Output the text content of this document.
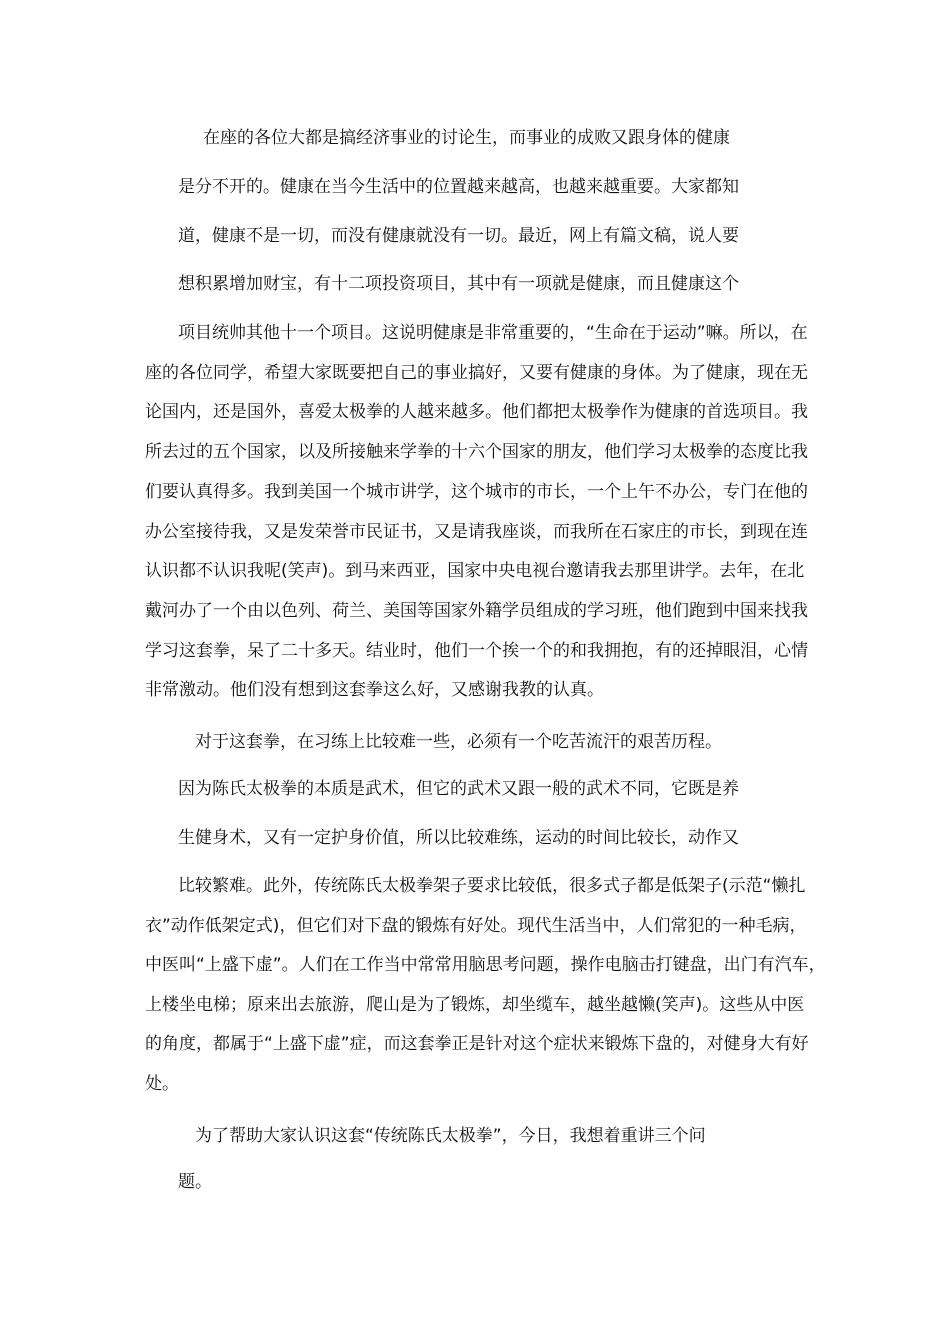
在座的各位大都是搞经济事业的讨论生，而事业的成败又跟身体的健康
是分不开的。健康在当今生活中的位置越来越高，也越来越重要。大家都知
道，健康不是一切，而没有健康就没有一切。最近，网上有篇文稿，说人要
想积累增加财宝，有十二项投资项目，其中有一项就是健康，而且健康这个
项目统帅其他十一个项目。这说明健康是非常重要的，“生命在于运动”嘛。所以，在
座的各位同学，希望大家既要把自己的事业搞好，又要有健康的身体。为了健康，现在无
论国内，还是国外，喜爱太极拳的人越来越多。他们都把太极拳作为健康的首选项目。我
所去过的五个国家，以及所接触来学拳的十六个国家的朋友，他们学习太极拳的态度比我
们要认真得多。我到美国一个城市讲学，这个城市的市长，一个上午不办公，专门在他的
办公室接待我，又是发荣誉市民证书，又是请我座谈，而我所在石家庄的市长，到现在连
认识都不认识我呢(笑声)。到马来西亚，国家中央电视台邀请我去那里讲学。去年，在北
戴河办了一个由以色列、荷兰、美国等国家外籍学员组成的学习班，他们跑到中国来找我
学习这套拳，呆了二十多天。结业时，他们一个挨一个的和我拥抱，有的还掉眼泪，心情
非常激动。他们没有想到这套拳这么好，又感谢我教的认真。
对于这套拳，在习练上比较难一些，必须有一个吃苦流汗的艰苦历程。
因为陈氏太极拳的本质是武术，但它的武术又跟一般的武术不同，它既是养
生健身术，又有一定护身价值，所以比较难练，运动的时间比较长，动作又
比较繁难。此外，传统陈氏太极拳架子要求比较低，很多式子都是低架子(示范“懒扎
衣”动作低架定式)，但它们对下盘的锻炼有好处。现代生活当中，人们常犯的一种毛病，
中医叫“上盛下虚”。人们在工作当中常常用脑思考问题，操作电脑击打键盘，出门有汽车，
上楼坐电梯；原来出去旅游，爬山是为了锻炼，却坐缆车，越坐越懒(笑声)。这些从中医
的角度，都属于“上盛下虚”症，而这套拳正是针对这个症状来锻炼下盘的，对健身大有好
处。
为了帮助大家认识这套“传统陈氏太极拳”，今日，我想着重讲三个问
题。
